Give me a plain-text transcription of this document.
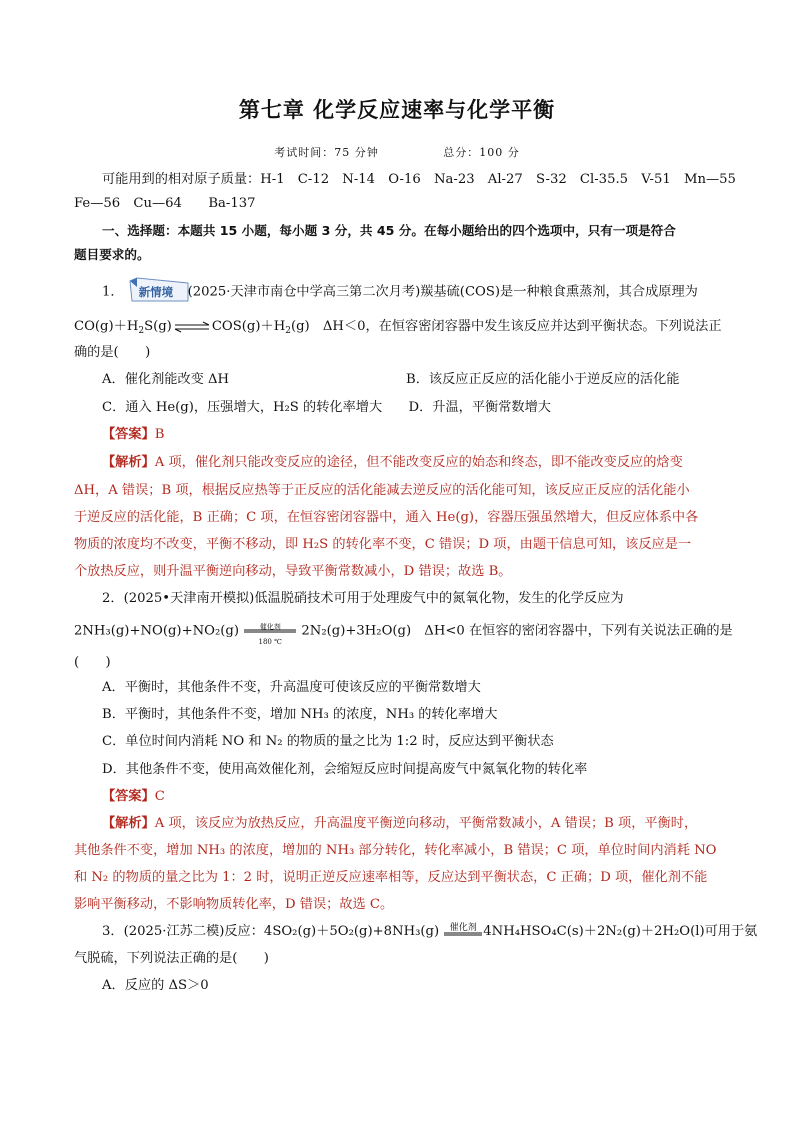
第七章 化学反应速率与化学平衡
考试时间：75 分钟	总分：100 分
可能用到的相对原子质量：H-1　C-12　N-14　O-16　Na-23　Al-27　S-32　Cl-35.5　V-51　Mn—55
Fe—56　Cu—64　　Ba-137
一、选择题：本题共 15 小题，每小题 3 分，共 45 分。在每小题给出的四个选项中，只有一项是符合
题目要求的。
1． 新情境 (2025·天津市南仓中学高三第二次月考)羰基硫(COS)是一种粮食熏蒸剂，其合成原理为
$CO(g)+H_2S(g)\rightleftharpoons COS(g)+H_2(g)$　ΔH＜0，在恒容密闭容器中发生该反应并达到平衡状态。下列说法正
确的是(　　)
A．催化剂能改变 ΔH	B．该反应正反应的活化能小于逆反应的活化能
C．通入 He(g)，压强增大，H₂S 的转化率增大　　 D．升温，平衡常数增大
【答案】B
【解析】A 项，催化剂只能改变反应的途径，但不能改变反应的始态和终态，即不能改变反应的焓变
ΔH，A 错误；B 项，根据反应热等于正反应的活化能减去逆反应的活化能可知，该反应正反应的活化能小
于逆反应的活化能，B 正确；C 项，在恒容密闭容器中，通入 He(g)，容器压强虽然增大，但反应体系中各
物质的浓度均不改变，平衡不移动，即 H₂S 的转化率不变，C 错误；D 项，由题干信息可知，该反应是一
个放热反应，则升温平衡逆向移动，导致平衡常数减小，D 错误；故选 B。
2．(2025•天津南开模拟)低温脱硝技术可用于处理废气中的氮氧化物，发生的化学反应为
2NH₃(g)+NO(g)+NO₂(g)	催化剂
180 ℃
2N₂(g)+3H₂O(g)　ΔH<0 在恒容的密闭容器中，下列有关说法正确的是
(　　)
A．平衡时，其他条件不变，升高温度可使该反应的平衡常数增大
B．平衡时，其他条件不变，增加 NH₃ 的浓度，NH₃ 的转化率增大
C．单位时间内消耗 NO 和 N₂ 的物质的量之比为 1:2 时，反应达到平衡状态
D．其他条件不变，使用高效催化剂，会缩短反应时间提高废气中氮氧化物的转化率
【答案】C
【解析】A 项，该反应为放热反应，升高温度平衡逆向移动，平衡常数减小，A 错误；B 项，平衡时，
其他条件不变，增加 NH₃ 的浓度，增加的 NH₃ 部分转化，转化率减小，B 错误；C 项，单位时间内消耗 NO
和 N₂ 的物质的量之比为 1：2 时，说明正逆反应速率相等，反应达到平衡状态，C 正确；D 项，催化剂不能
影响平衡移动，不影响物质转化率，D 错误；故选 C。
3．(2025·江苏二模)反应：4SO₂(g)＋5O₂(g)+8NH₃(g)	催化剂 4NH₄HSO₄C(s)＋2N₂(g)＋2H₂O(l)可用于氨
气脱硫，下列说法正确的是(　　)
A．反应的 ΔS＞0
